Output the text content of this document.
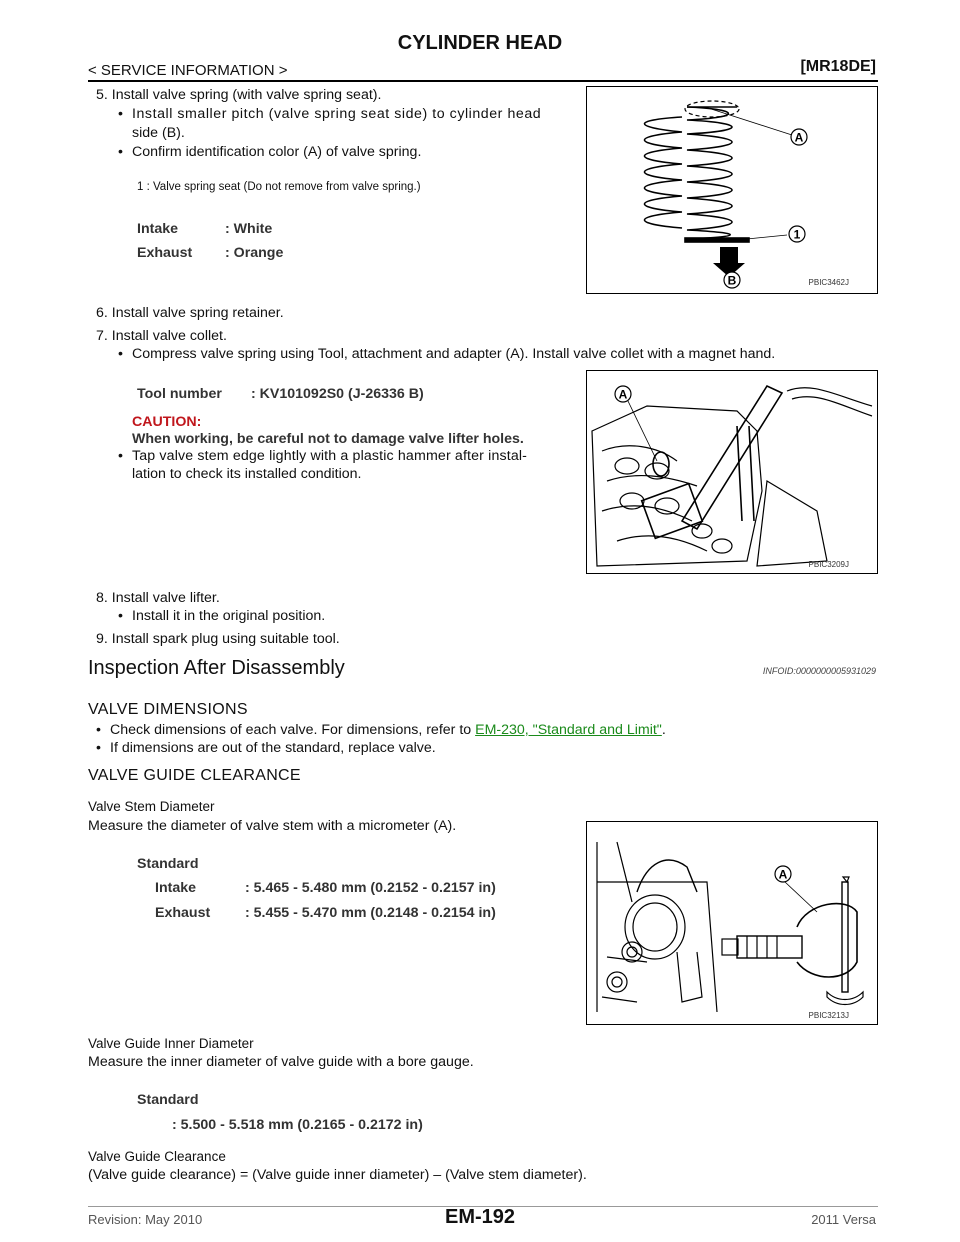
CYLINDER HEAD
< SERVICE INFORMATION >	[MR18DE]
5. Install valve spring (with valve spring seat).
• Install smaller pitch (valve spring seat side) to cylinder head
side (B).
• Confirm identification color (A) of valve spring.
1 : Valve spring seat (Do not remove from valve spring.)
Intake	: White
Exhaust : Orange
A
1
B	PBIC3462J
6. Install valve spring retainer.
7. Install valve collet.
• Compress valve spring using Tool, attachment and adapter (A). Install valve collet with a magnet hand.
Tool number : KV101092S0 (J-26336 B)
CAUTION:
When working, be careful not to damage valve lifter holes.
• Tap valve stem edge lightly with a plastic hammer after instal-
lation to check its installed condition.
A
PBIC3209J
8. Install valve lifter.
• Install it in the original position.
9. Install spark plug using suitable tool.
Inspection After Disassembly	INFOID:0000000005931029
VALVE DIMENSIONS
• Check dimensions of each valve. For dimensions, refer to EM-230, "Standard and Limit".
• If dimensions are out of the standard, replace valve.
VALVE GUIDE CLEARANCE
Valve Stem Diameter
Measure the diameter of valve stem with a micrometer (A).
Standard
Intake	: 5.465 - 5.480 mm (0.2152 - 0.2157 in)
Exhaust : 5.455 - 5.470 mm (0.2148 - 0.2154 in)
A
PBIC3213J
Valve Guide Inner Diameter
Measure the inner diameter of valve guide with a bore gauge.
Standard
: 5.500 - 5.518 mm (0.2165 - 0.2172 in)
Valve Guide Clearance
(Valve guide clearance) = (Valve guide inner diameter) – (Valve stem diameter).
Revision: May 2010	EM-192	2011 Versa
